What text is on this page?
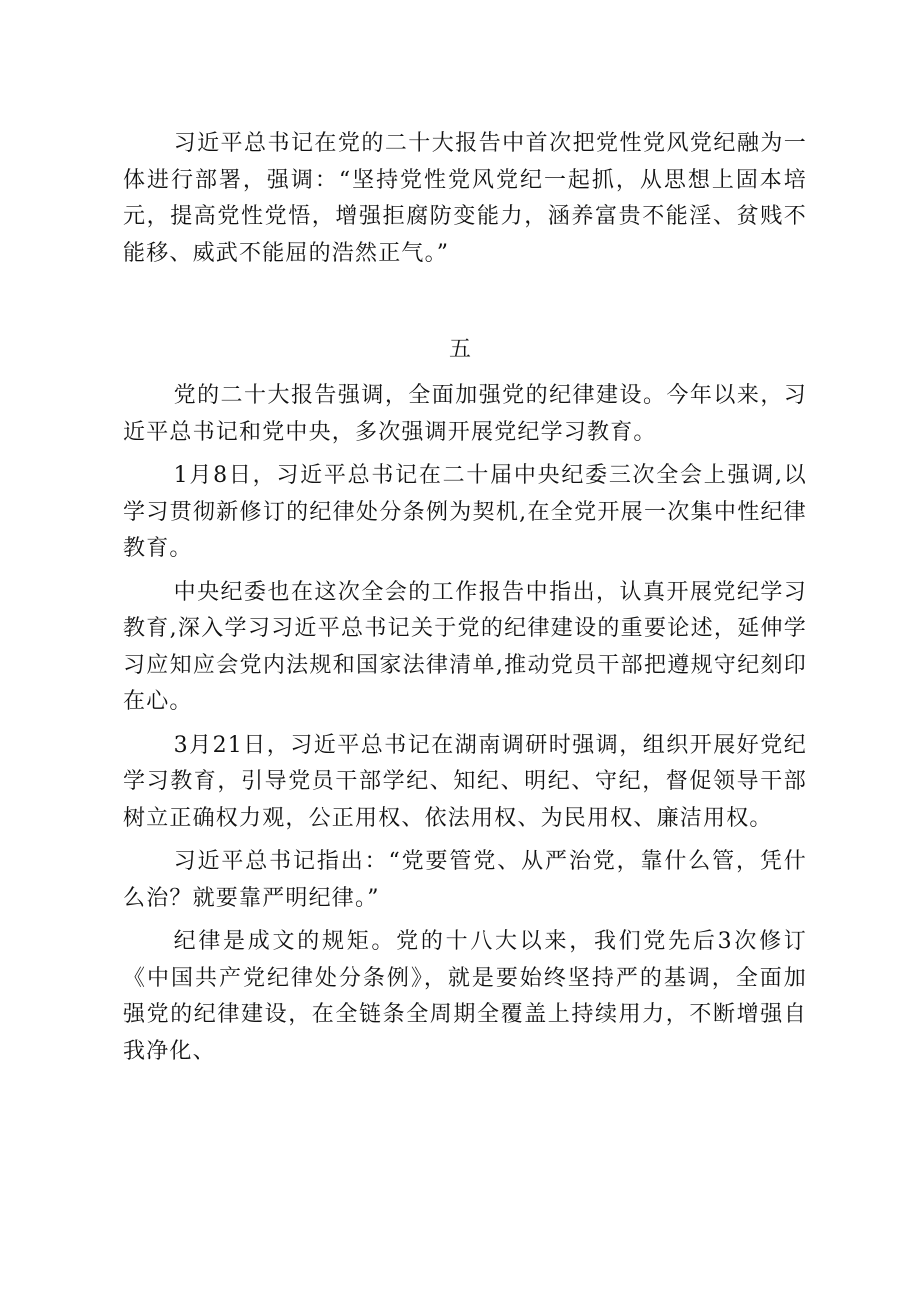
习近平总书记在党的二十大报告中首次把党性党风党纪融为一体进行部署，强调：“坚持党性党风党纪一起抓，从思想上固本培元，提高党性党悟，增强拒腐防变能力，涵养富贵不能淫、贫贱不能移、威武不能屈的浩然正气。”

五

党的二十大报告强调，全面加强党的纪律建设。今年以来，习近平总书记和党中央，多次强调开展党纪学习教育。

1月8日，习近平总书记在二十届中央纪委三次全会上强调,以学习贯彻新修订的纪律处分条例为契机,在全党开展一次集中性纪律教育。

中央纪委也在这次全会的工作报告中指出，认真开展党纪学习教育,深入学习习近平总书记关于党的纪律建设的重要论述，延伸学习应知应会党内法规和国家法律清单,推动党员干部把遵规守纪刻印在心。

3月21日，习近平总书记在湖南调研时强调，组织开展好党纪学习教育，引导党员干部学纪、知纪、明纪、守纪，督促领导干部树立正确权力观，公正用权、依法用权、为民用权、廉洁用权。

习近平总书记指出：“党要管党、从严治党，靠什么管，凭什么治？就要靠严明纪律。”

纪律是成文的规矩。党的十八大以来，我们党先后3次修订《中国共产党纪律处分条例》，就是要始终坚持严的基调，全面加强党的纪律建设，在全链条全周期全覆盖上持续用力，不断增强自我净化、
